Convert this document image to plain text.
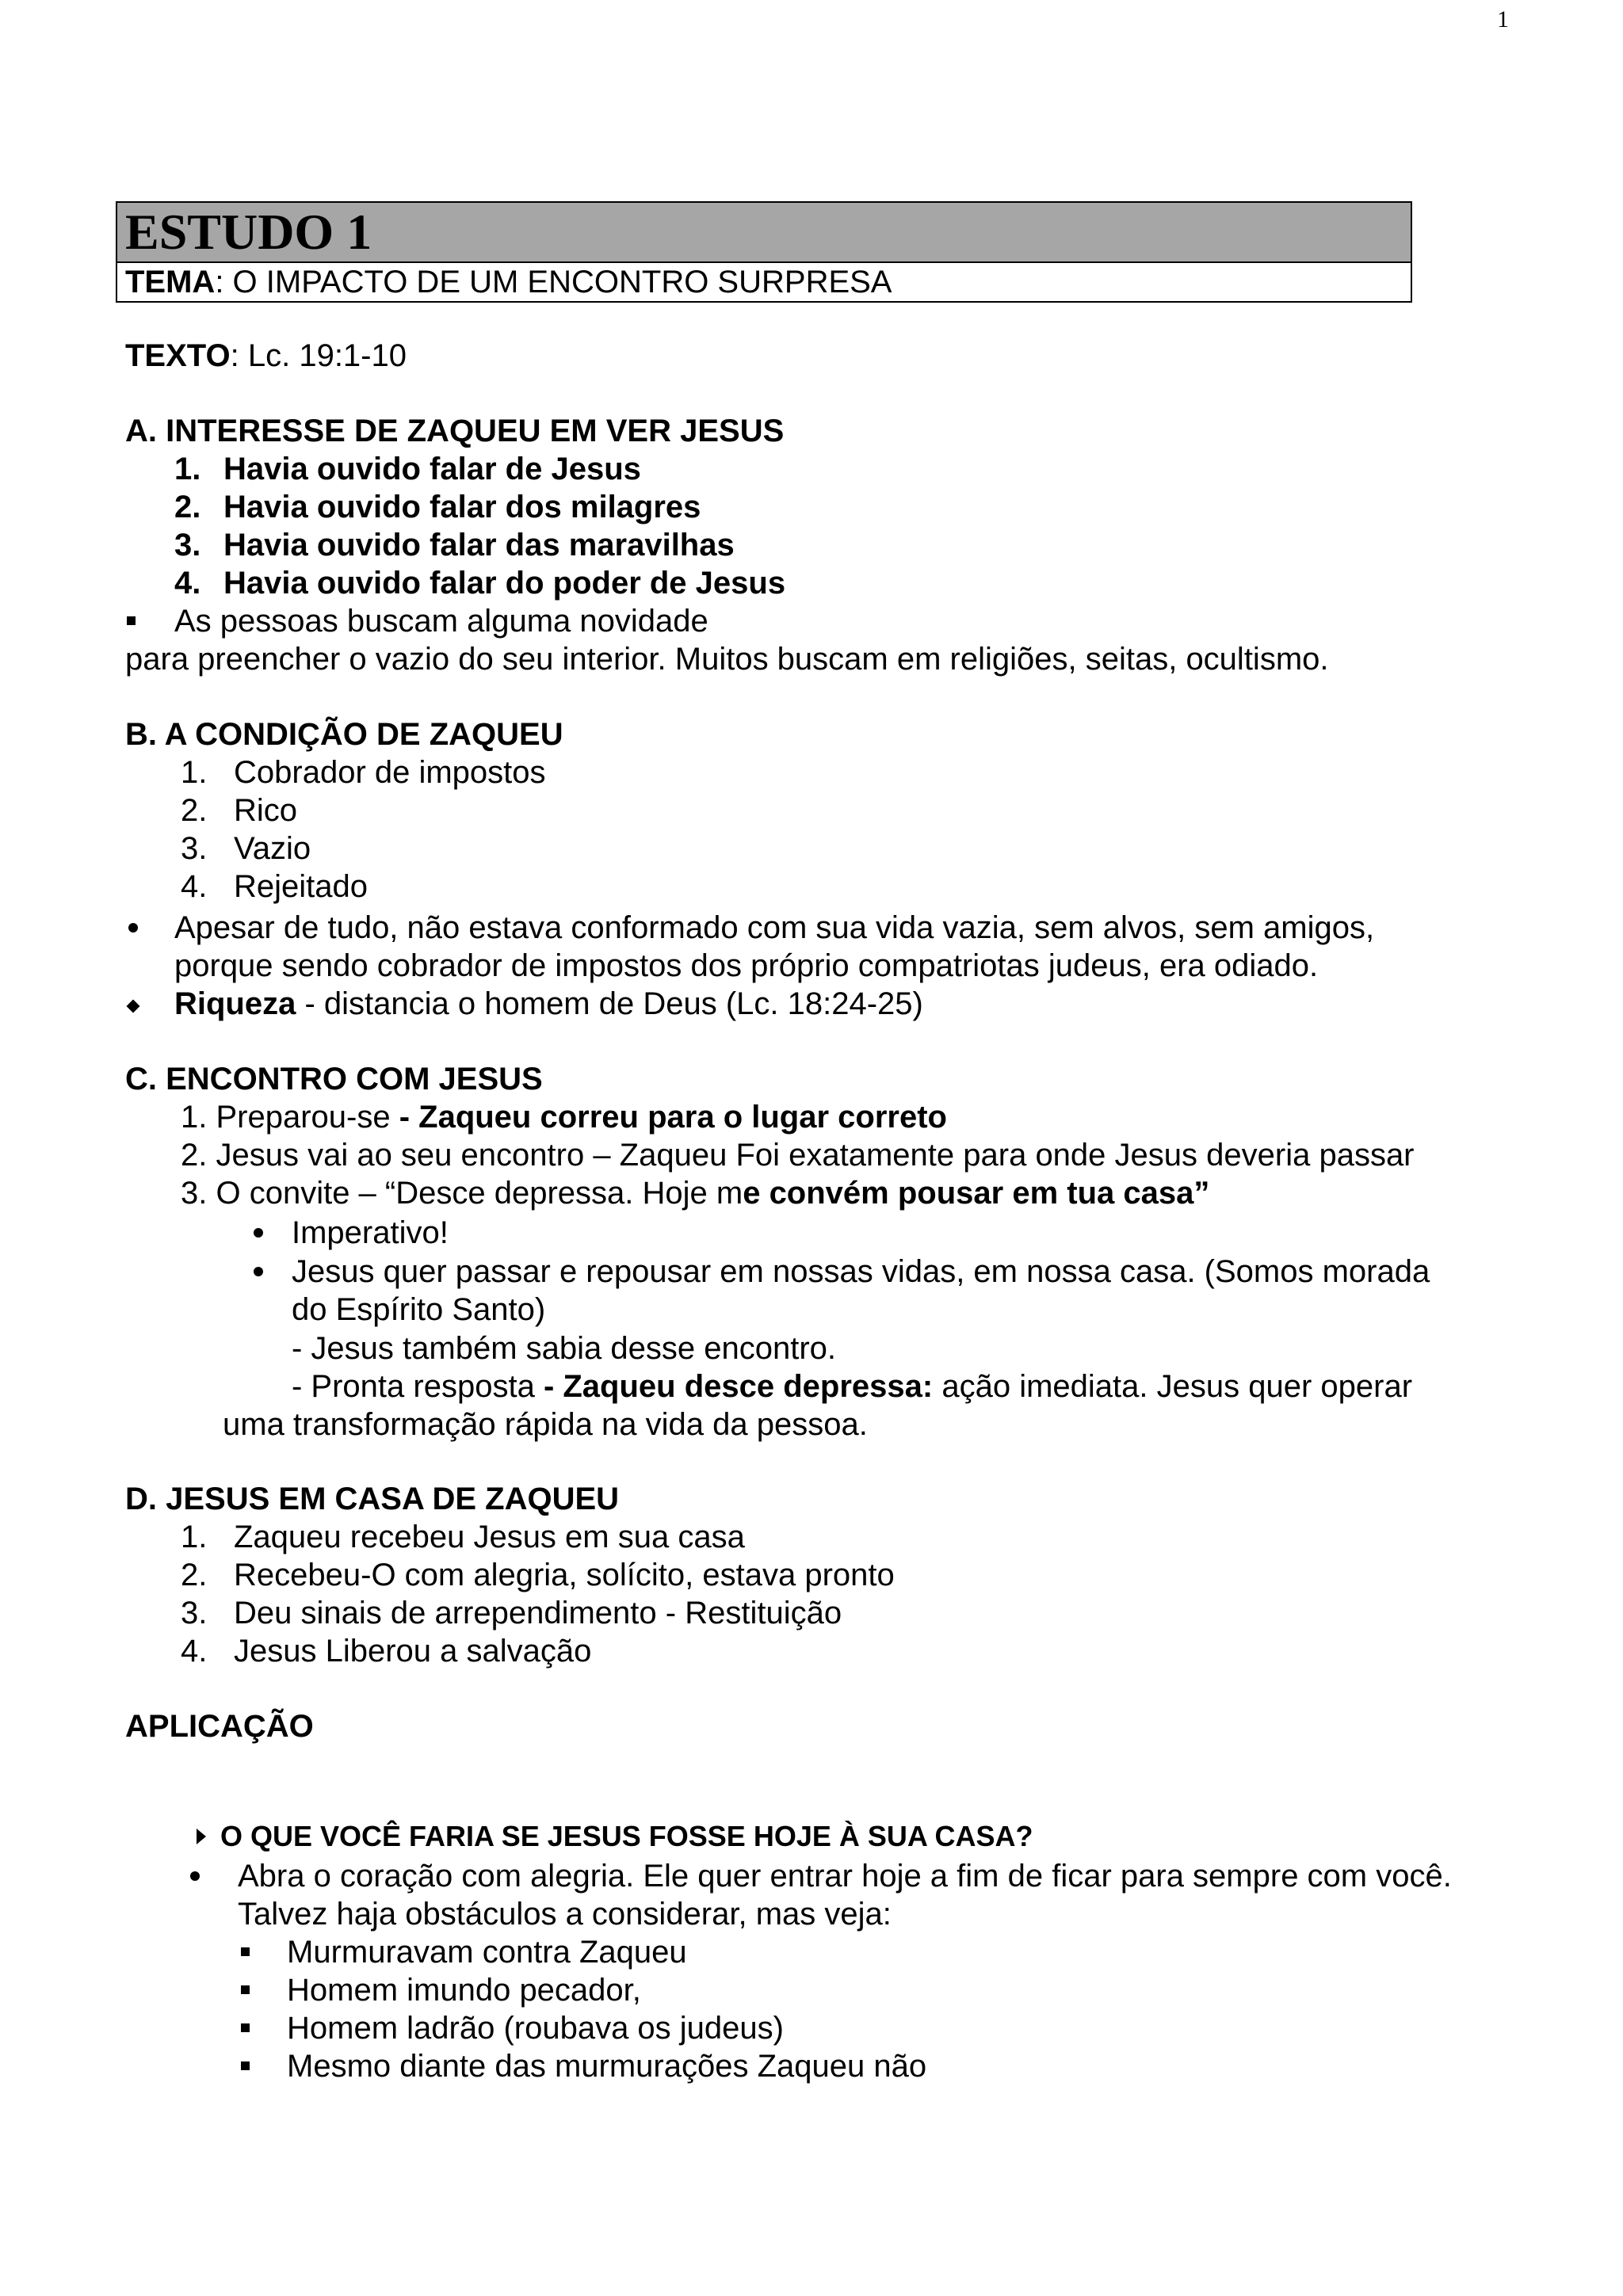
1
ESTUDO 1
TEMA: O IMPACTO DE UM ENCONTRO SURPRESA
TEXTO: Lc. 19:1-10
A. INTERESSE DE ZAQUEU EM VER JESUS
1. Havia ouvido falar de Jesus
2. Havia ouvido falar dos milagres
3. Havia ouvido falar das maravilhas
4. Havia ouvido falar do poder de Jesus
As pessoas buscam alguma novidade
para preencher o vazio do seu interior. Muitos buscam em religiões, seitas, ocultismo.
B. A CONDIÇÃO DE ZAQUEU
1. Cobrador de impostos
2. Rico
3. Vazio
4. Rejeitado
Apesar de tudo, não estava conformado com sua vida vazia, sem alvos, sem amigos,
porque sendo cobrador de impostos dos próprio compatriotas judeus, era odiado.
Riqueza - distancia o homem de Deus (Lc. 18:24-25)
C. ENCONTRO COM JESUS
1. Preparou-se - Zaqueu correu para o lugar correto
2. Jesus vai ao seu encontro – Zaqueu Foi exatamente para onde Jesus deveria passar
3. O convite – “Desce depressa. Hoje me convém pousar em tua casa”
Imperativo!
Jesus quer passar e repousar em nossas vidas, em nossa casa. (Somos morada
do Espírito Santo)
- Jesus também sabia desse encontro.
- Pronta resposta - Zaqueu desce depressa: ação imediata. Jesus quer operar
uma transformação rápida na vida da pessoa.
D. JESUS EM CASA DE ZAQUEU
1. Zaqueu recebeu Jesus em sua casa
2. Recebeu-O com alegria, solícito, estava pronto
3. Deu sinais de arrependimento - Restituição
4. Jesus Liberou a salvação
APLICAÇÃO
O QUE VOCÊ FARIA SE JESUS FOSSE HOJE À SUA CASA?
Abra o coração com alegria. Ele quer entrar hoje a fim de ficar para sempre com você.
Talvez haja obstáculos a considerar, mas veja:
Murmuravam contra Zaqueu
Homem imundo pecador,
Homem ladrão (roubava os judeus)
Mesmo diante das murmurações Zaqueu não
